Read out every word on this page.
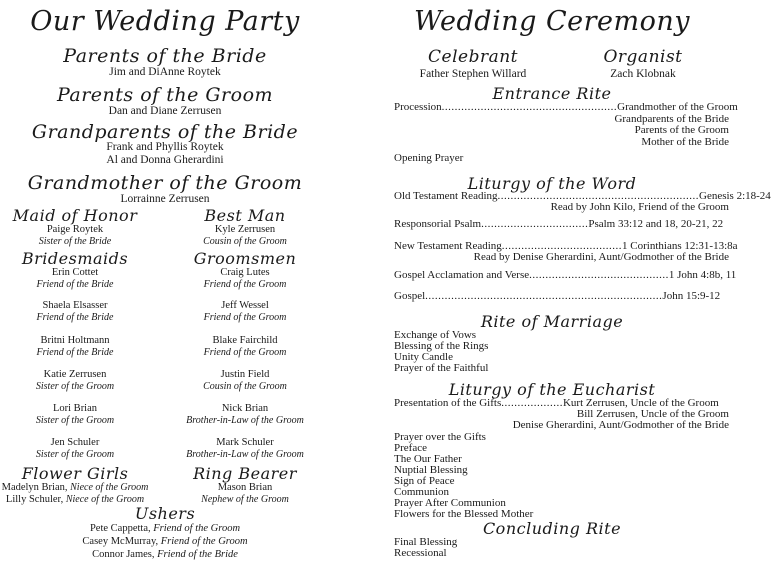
Our Wedding Party
Parents of the Bride
Jim and DiAnne Roytek
Parents of the Groom
Dan and Diane Zerrusen
Grandparents of the Bride
Frank and Phyllis Roytek
Al and Donna Gherardini
Grandmother of the Groom
Lorrainne Zerrusen
Maid of Honor
Paige Roytek
Sister of the Bride
Best Man
Kyle Zerrusen
Cousin of the Groom
Bridesmaids	Groomsmen
Erin Cottet
Friend of the Bride
Shaela Elsasser
Friend of the Bride
Britni Holtmann
Friend of the Bride
Katie Zerrusen
Sister of the Groom
Lori Brian
Sister of the Groom
Jen Schuler
Sister of the Groom
Craig Lutes
Friend of the Groom
Jeff Wessel
Friend of the Groom
Blake Fairchild
Friend of the Groom
Justin Field
Cousin of the Groom
Nick Brian
Brother-in-Law of the Groom
Mark Schuler
Brother-in-Law of the Groom
Flower Girls
Madelyn Brian, Niece of the Groom
Lilly Schuler, Niece of the Groom
Ring Bearer
Mason Brian
Nephew of the Groom
Ushers
Pete Cappetta, Friend of the Groom
Casey McMurray, Friend of the Groom
Connor James, Friend of the Bride
Wedding Ceremony
Celebrant
Father Stephen Willard
Organist
Zach Klobnak
Entrance Rite
Procession......................................................Grandmother of the Groom
Grandparents of the Bride
Parents of the Groom
Mother of the Bride
Opening Prayer
Liturgy of the Word
Old Testament Reading..............................................................Genesis 2:18-24
Read by John Kilo, Friend of the Groom
Responsorial Psalm.................................Psalm 33:12 and 18, 20-21, 22
New Testament Reading.....................................1 Corinthians 12:31-13:8a
Read by Denise Gherardini, Aunt/Godmother of the Bride
Gospel Acclamation and Verse...........................................1 John 4:8b, 11
Gospel.........................................................................John 15:9-12
Rite of Marriage
Exchange of Vows
Blessing of the Rings
Unity Candle
Prayer of the Faithful
Liturgy of the Eucharist
Presentation of the Gifts...................Kurt Zerrusen, Uncle of the Groom
Bill Zerrusen, Uncle of the Groom
Denise Gherardini, Aunt/Godmother of the Bride
Prayer over the Gifts
Preface
The Our Father
Nuptial Blessing
Sign of Peace
Communion
Prayer After Communion
Flowers for the Blessed Mother
Concluding Rite
Final Blessing
Recessional
